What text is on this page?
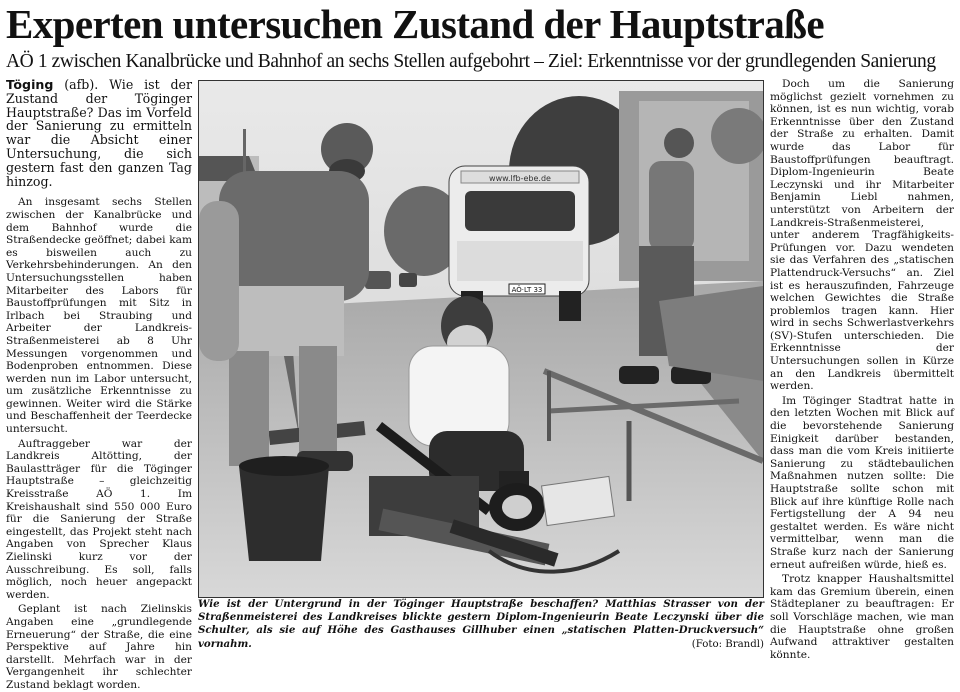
Experten untersuchen Zustand der Hauptstraße
AÖ 1 zwischen Kanalbrücke und Bahnhof an sechs Stellen aufgebohrt – Ziel: Erkenntnisse vor der grundlegenden Sanierung

Töging (afb). Wie ist der Zustand der Töginger Hauptstraße? Das im Vorfeld der Sanierung zu ermitteln war die Absicht einer Untersuchung, die sich gestern fast den ganzen Tag hinzog.

An insgesamt sechs Stellen zwischen der Kanalbrücke und dem Bahnhof wurde die Straßendecke geöffnet; dabei kam es bisweilen auch zu Verkehrsbehinderungen. An den Untersuchungsstellen haben Mitarbeiter des Labors für Baustoffprüfungen mit Sitz in Irlbach bei Straubing und Arbeiter der Landkreis-Straßenmeisterei ab 8 Uhr Messungen vorgenommen und Bodenproben entnommen. Diese werden nun im Labor untersucht, um zusätzliche Erkenntnisse zu gewinnen. Weiter wird die Stärke und Beschaffenheit der Teerdecke untersucht.

Auftraggeber war der Landkreis Altötting, der Baulastträger für die Töginger Hauptstraße – gleichzeitig Kreisstraße AÖ 1. Im Kreishaushalt sind 550 000 Euro für die Sanierung der Straße eingestellt, das Projekt steht nach Angaben von Sprecher Klaus Zielinski kurz vor der Ausschreibung. Es soll, falls möglich, noch heuer angepackt werden.

Geplant ist nach Zielinskis Angaben eine „grundlegende Erneuerung“ der Straße, die eine Perspektive auf Jahre hin darstellt. Mehrfach war in der Vergangenheit ihr schlechter Zustand beklagt worden.

www.lfb-ebe.de
AÖ·LT 33
Wie ist der Untergrund in der Töginger Hauptstraße beschaffen? Matthias Strasser von der Straßenmeisterei des Landkreises blickte gestern Diplom-Ingenieurin Beate Leczynski über die Schulter, als sie auf Höhe des Gasthauses Gillhuber einen „statischen Platten-Druckversuch“ vornahm.	(Foto: Brandl)

Doch um die Sanierung möglichst gezielt vornehmen zu können, ist es nun wichtig, vorab Erkenntnisse über den Zustand der Straße zu erhalten. Damit wurde das Labor für Baustoffprüfungen beauftragt. Diplom-Ingenieurin Beate Leczynski und ihr Mitarbeiter Benjamin Liebl nahmen, unterstützt von Arbeitern der Landkreis-Straßenmeisterei, unter anderem Tragfähigkeits-Prüfungen vor. Dazu wendeten sie das Verfahren des „statischen Plattendruck-Versuchs“ an. Ziel ist es herauszufinden, Fahrzeuge welchen Gewichtes die Straße problemlos tragen kann. Hier wird in sechs Schwerlastverkehrs (SV)-Stufen unterschieden. Die Erkenntnisse der Untersuchungen sollen in Kürze an den Landkreis übermittelt werden.

Im Töginger Stadtrat hatte in den letzten Wochen mit Blick auf die bevorstehende Sanierung Einigkeit darüber bestanden, dass man die vom Kreis initiierte Sanierung zu städtebaulichen Maßnahmen nutzen sollte: Die Hauptstraße sollte schon mit Blick auf ihre künftige Rolle nach Fertigstellung der A 94 neu gestaltet werden. Es wäre nicht vermittelbar, wenn man die Straße kurz nach der Sanierung erneut aufreißen würde, hieß es.

Trotz knapper Haushaltsmittel kam das Gremium überein, einen Städteplaner zu beauftragen: Er soll Vorschläge machen, wie man die Hauptstraße ohne großen Aufwand attraktiver gestalten könnte.
